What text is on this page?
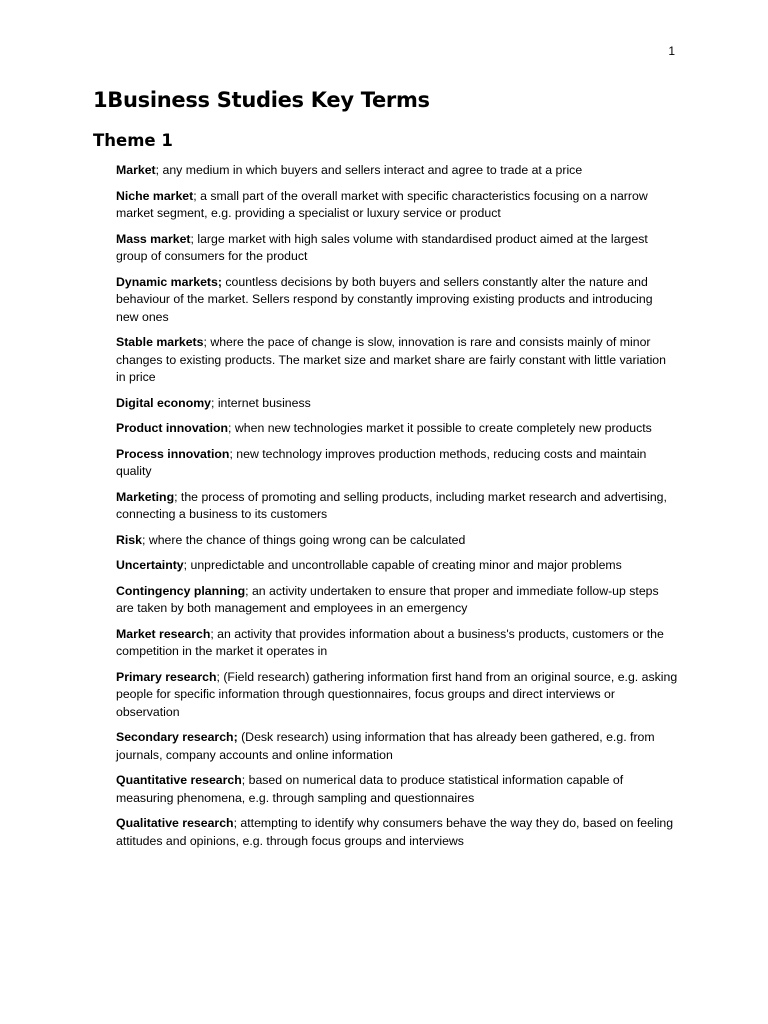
1
1Business Studies Key Terms
Theme 1
Market; any medium in which buyers and sellers interact and agree to trade at a price
Niche market; a small part of the overall market with specific characteristics focusing on a narrow market segment, e.g. providing a specialist or luxury service or product
Mass market; large market with high sales volume with standardised product aimed at the largest group of consumers for the product
Dynamic markets; countless decisions by both buyers and sellers constantly alter the nature and behaviour of the market. Sellers respond by constantly improving existing products and introducing new ones
Stable markets; where the pace of change is slow, innovation is rare and consists mainly of minor changes to existing products. The market size and market share are fairly constant with little variation in price
Digital economy; internet business
Product innovation; when new technologies market it possible to create completely new products
Process innovation; new technology improves production methods, reducing costs and maintain quality
Marketing; the process of promoting and selling products, including market research and advertising, connecting a business to its customers
Risk; where the chance of things going wrong can be calculated
Uncertainty; unpredictable and uncontrollable capable of creating minor and major problems
Contingency planning; an activity undertaken to ensure that proper and immediate follow-up steps are taken by both management and employees in an emergency
Market research; an activity that provides information about a business's products, customers or the competition in the market it operates in
Primary research; (Field research) gathering information first hand from an original source, e.g. asking people for specific information through questionnaires, focus groups and direct interviews or observation
Secondary research; (Desk research) using information that has already been gathered, e.g. from journals, company accounts and online information
Quantitative research; based on numerical data to produce statistical information capable of measuring phenomena, e.g. through sampling and questionnaires
Qualitative research; attempting to identify why consumers behave the way they do, based on feeling attitudes and opinions, e.g. through focus groups and interviews
